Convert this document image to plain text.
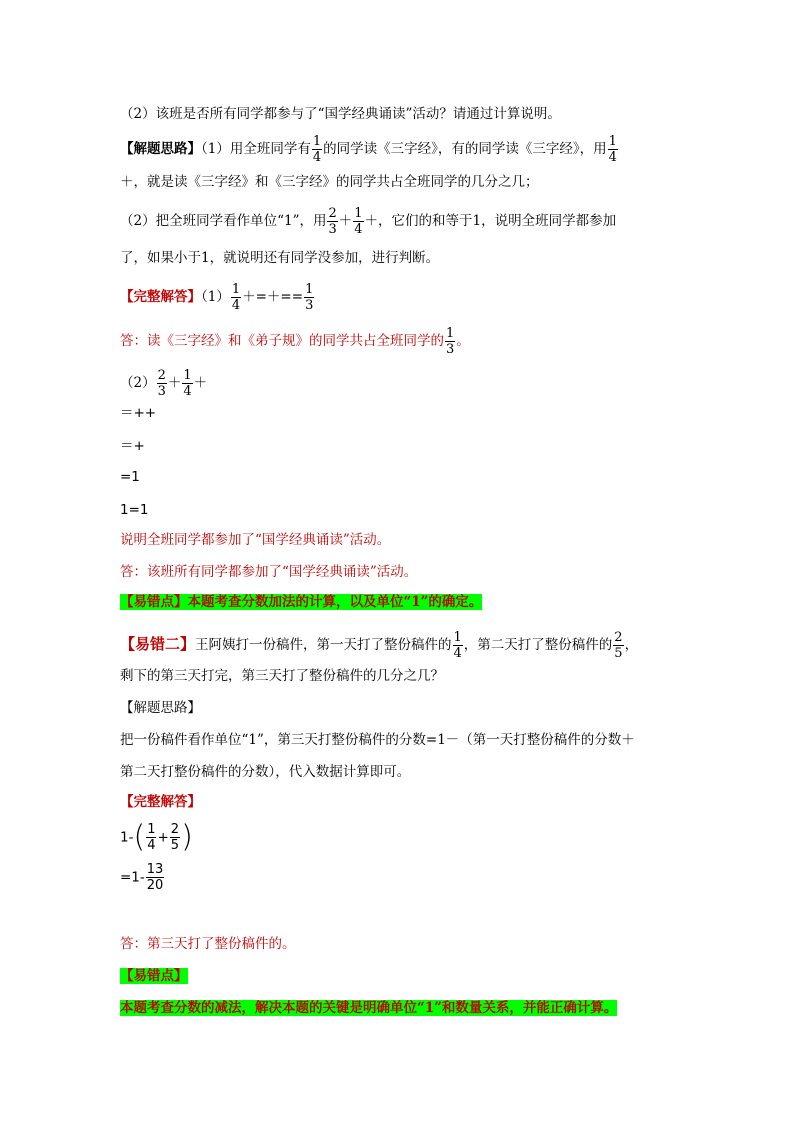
（2）该班是否所有同学都参与了“国学经典诵读”活动？请通过计算说明。
【解题思路】（1）用全班同学有 $\frac{1}{4}$ 的同学读《三字经》，有的同学读《三字经》，用 $\frac{1}{4}$
＋，就是读《三字经》和《三字经》的同学共占全班同学的几分之几；
（2）把全班同学看作单位“1”，用 $\frac{2}{3} + \frac{1}{4}$ ＋，它们的和等于1，说明全班同学都参加
了，如果小于1，就说明还有同学没参加，进行判断。
【完整解答】$(1) \frac{1}{4}$ ＋=＋== $\frac{1}{3}$
答：读《三字经》和《弟子规》的同学共占全班同学的 $\frac{1}{3}$ 。
$(2) \frac{2}{3} + \frac{1}{4}$ ＋
＝++
＝+
=1
1=1
说明全班同学都参加了“国学经典诵读”活动。
答：该班所有同学都参加了“国学经典诵读”活动。
【易错点】本题考查分数加法的计算，以及单位“1”的确定。
【易错二】王阿姨打一份稿件，第一天打了整份稿件的 $\frac{1}{4}$ ，第二天打了整份稿件的 $\frac{2}{5}$ ，
剩下的第三天打完，第三天打了整份稿件的几分之几？
【解题思路】
把一份稿件看作单位“1”，第三天打整份稿件的分数=1－（第一天打整份稿件的分数＋
第二天打整份稿件的分数），代入数据计算即可。
【完整解答】
$1-( \frac{1}{4} + \frac{2}{5}$ )
$=1- \frac{13}{20}$
答：第三天打了整份稿件的。
【易错点】
本题考查分数的减法，解决本题的关键是明确单位“1”和数量关系，并能正确计算。
